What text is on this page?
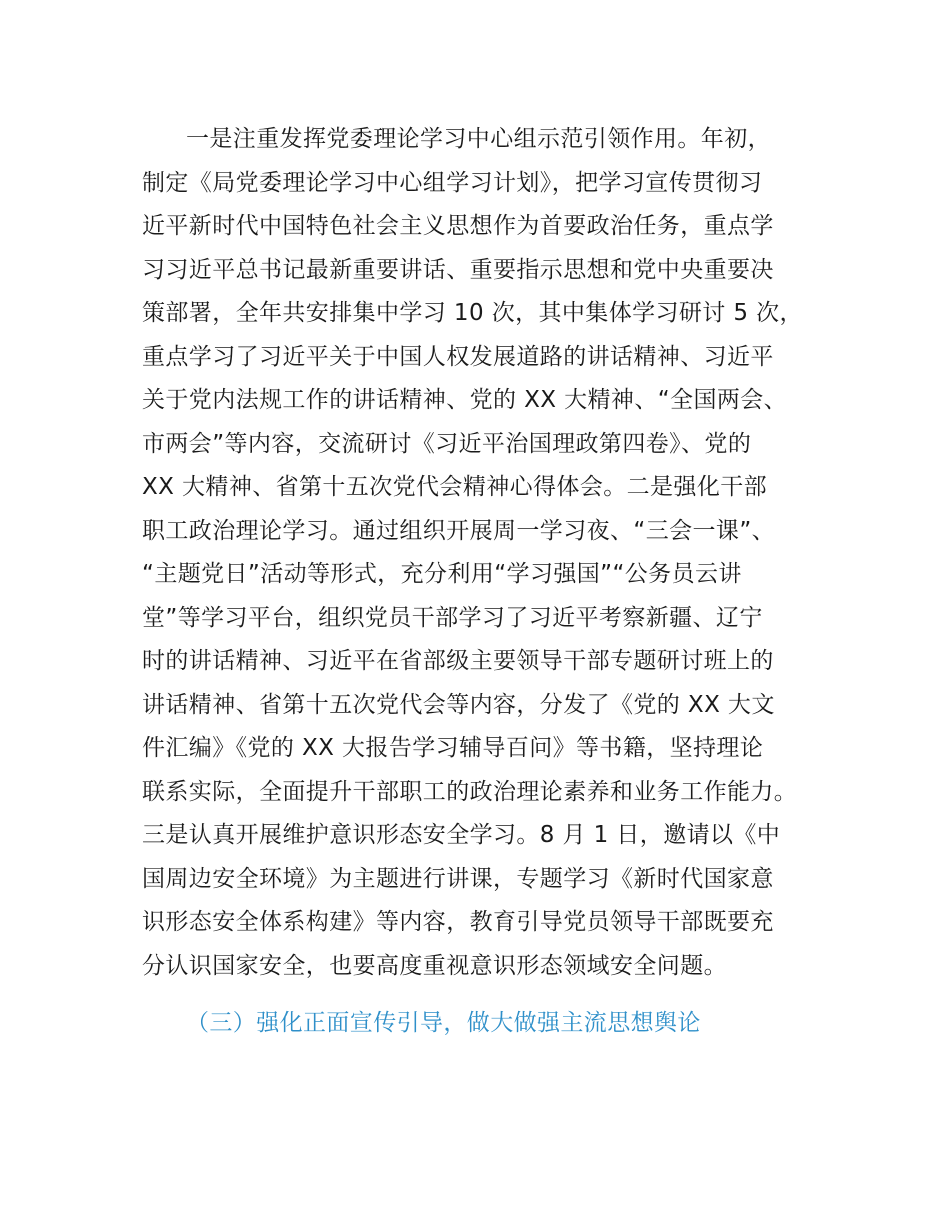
一是注重发挥党委理论学习中心组示范引领作用。年初，
制定《局党委理论学习中心组学习计划》，把学习宣传贯彻习
近平新时代中国特色社会主义思想作为首要政治任务，重点学
习习近平总书记最新重要讲话、重要指示思想和党中央重要决
策部署，全年共安排集中学习 10 次，其中集体学习研讨 5 次，
重点学习了习近平关于中国人权发展道路的讲话精神、习近平
关于党内法规工作的讲话精神、党的 XX 大精神、“全国两会、
市两会”等内容，交流研讨《习近平治国理政第四卷》、党的
XX 大精神、省第十五次党代会精神心得体会。二是强化干部
职工政治理论学习。通过组织开展周一学习夜、“三会一课”、
“主题党日”活动等形式，充分利用“学习强国”“公务员云讲
堂”等学习平台，组织党员干部学习了习近平考察新疆、辽宁
时的讲话精神、习近平在省部级主要领导干部专题研讨班上的
讲话精神、省第十五次党代会等内容，分发了《党的 XX 大文
件汇编》《党的 XX 大报告学习辅导百问》等书籍，坚持理论
联系实际，全面提升干部职工的政治理论素养和业务工作能力。
三是认真开展维护意识形态安全学习。8 月 1 日，邀请以《中
国周边安全环境》为主题进行讲课，专题学习《新时代国家意
识形态安全体系构建》等内容，教育引导党员领导干部既要充
分认识国家安全，也要高度重视意识形态领域安全问题。
（三）强化正面宣传引导，做大做强主流思想舆论
